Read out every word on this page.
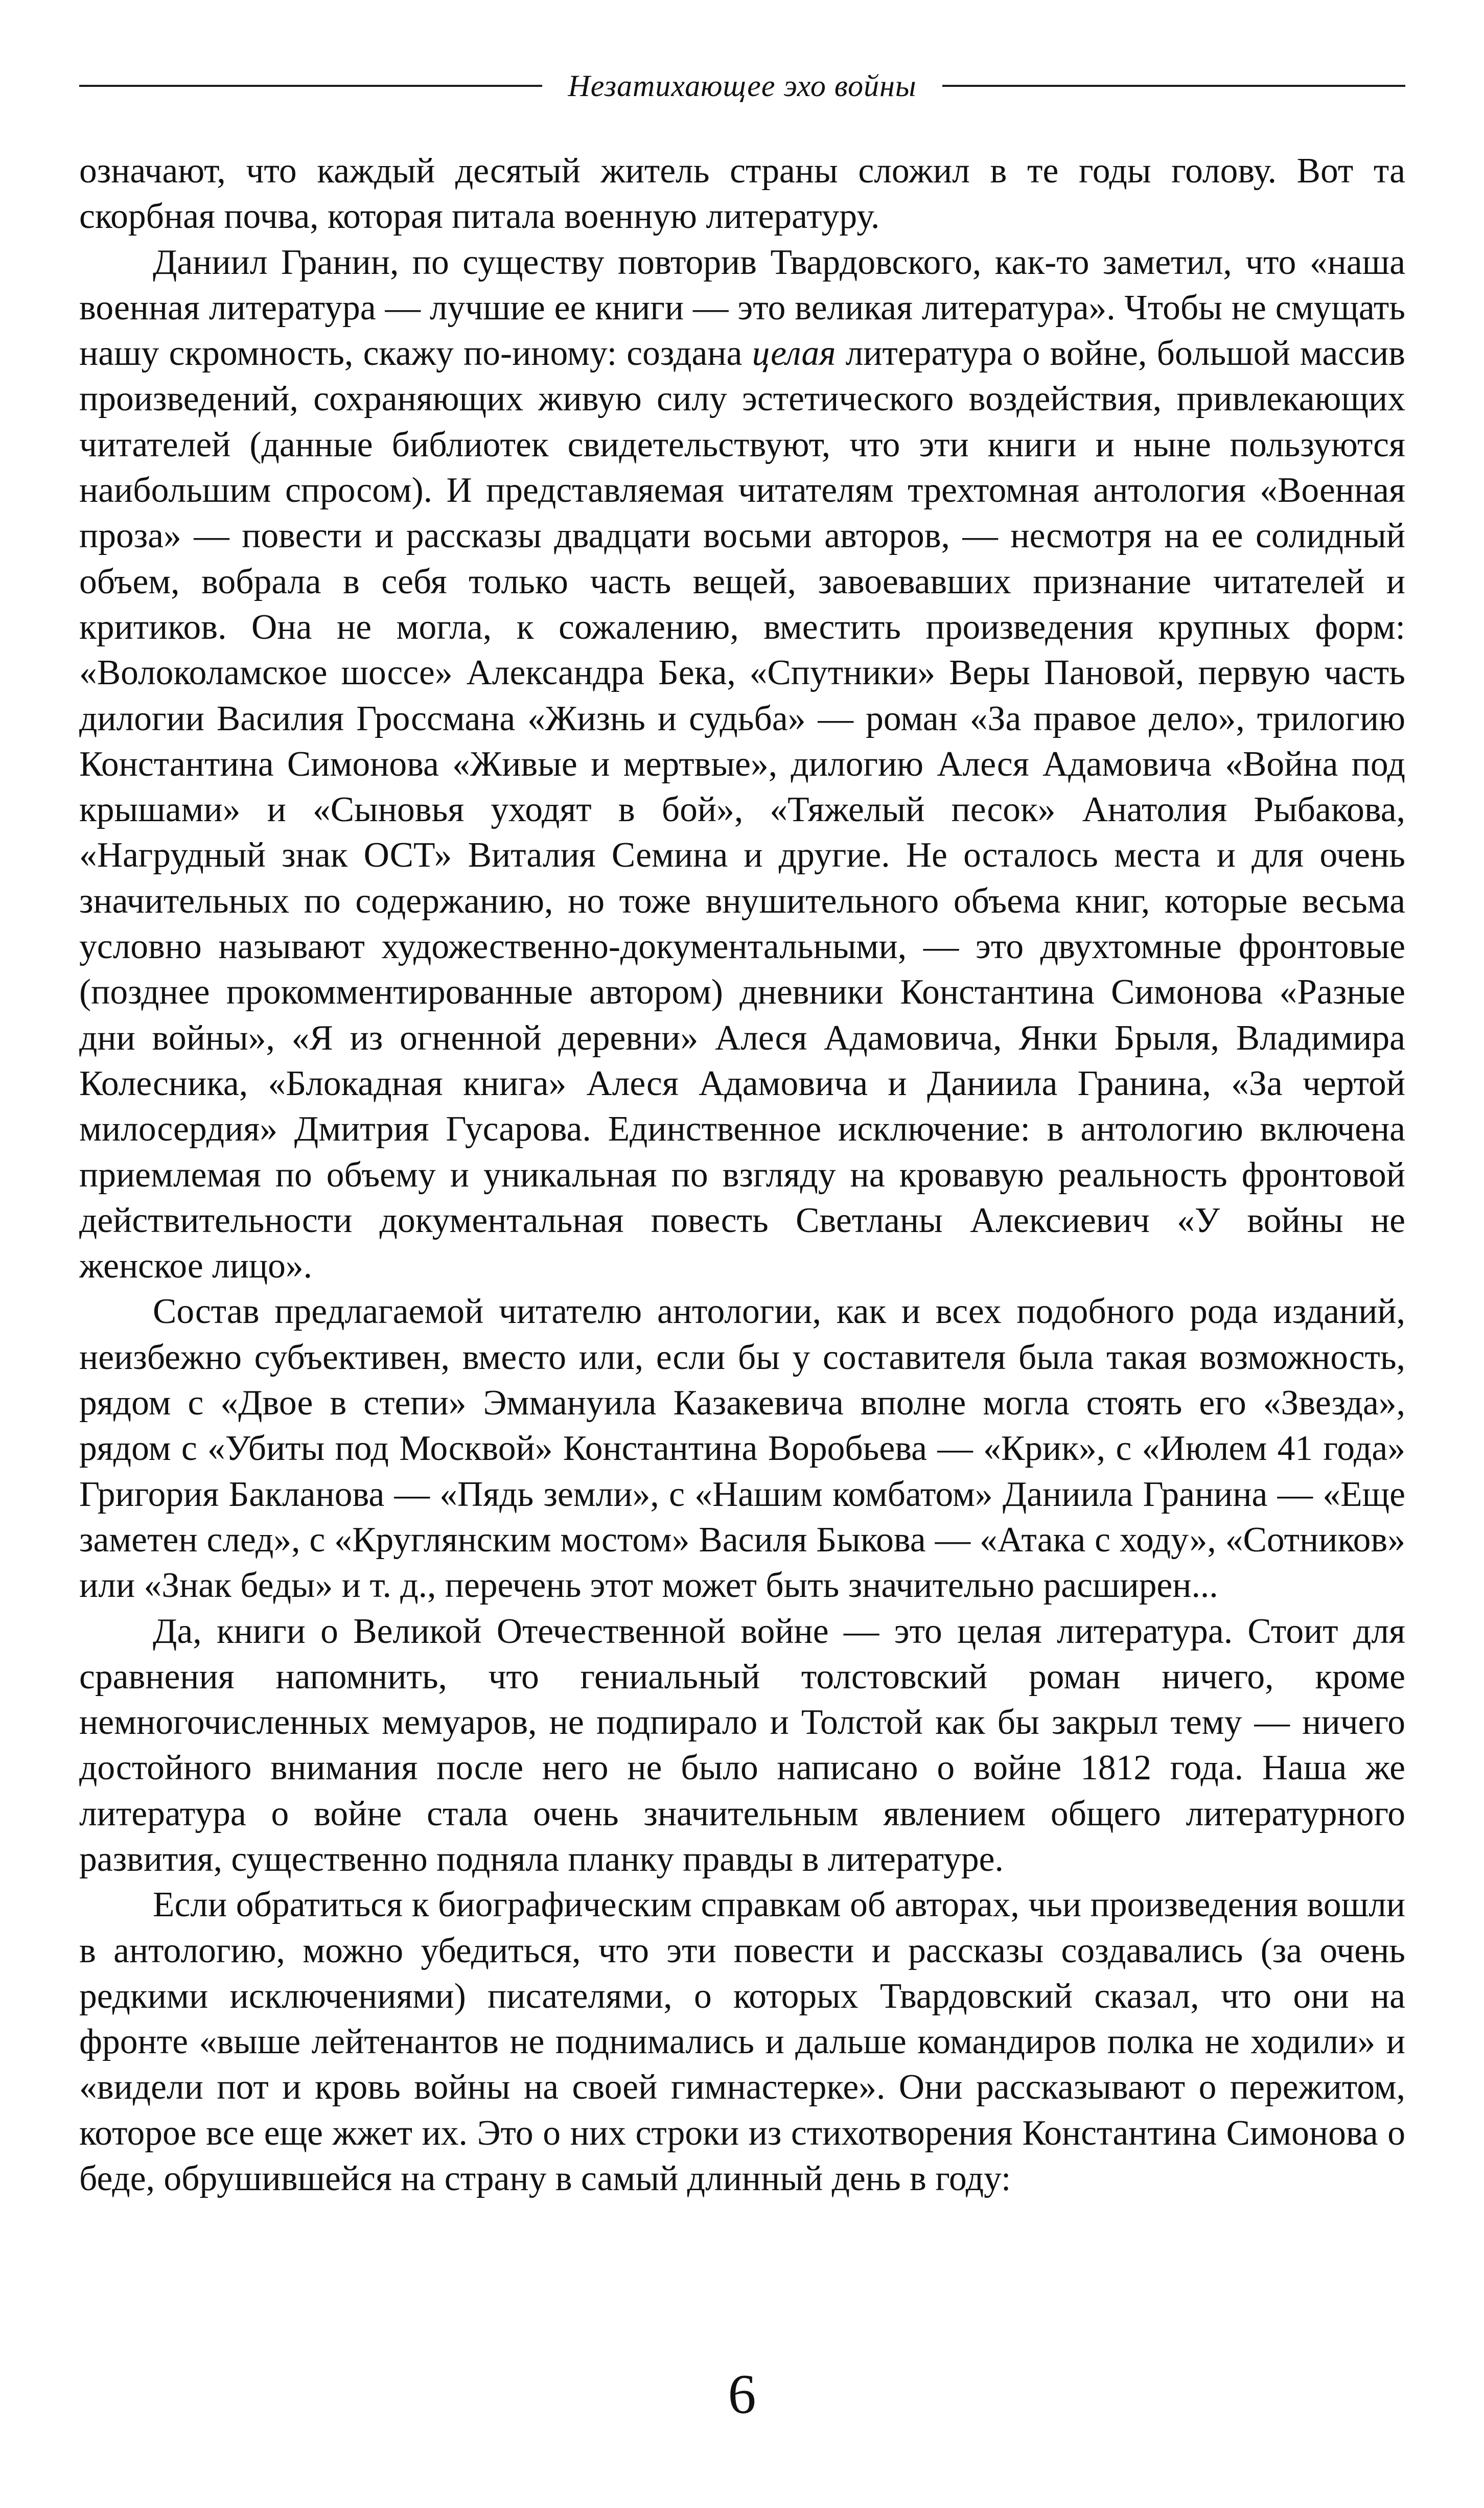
Незатихающее эхо войны

означают, что каждый десятый житель страны сложил в те годы голову. Вот та скорбная почва, которая питала военную литературу.

Даниил Гранин, по существу повторив Твардовского, как-то заметил, что «наша военная литература — лучшие ее книги — это великая литература». Чтобы не смущать нашу скромность, скажу по-иному: создана целая литература о войне, большой массив произведений, сохраняющих живую силу эстетического воздействия, привлекающих читателей (данные библиотек свидетельствуют, что эти книги и ныне пользуются наибольшим спросом). И представляемая читателям трехтомная антология «Военная проза» — повести и рассказы двадцати восьми авторов, — несмотря на ее солидный объем, вобрала в себя только часть вещей, завоевавших признание читателей и критиков. Она не могла, к сожалению, вместить произведения крупных форм: «Волоколамское шоссе» Александра Бека, «Спутники» Веры Пановой, первую часть дилогии Василия Гроссмана «Жизнь и судьба» — роман «За правое дело», трилогию Константина Симонова «Живые и мертвые», дилогию Алеся Адамовича «Война под крышами» и «Сыновья уходят в бой», «Тяжелый песок» Анатолия Рыбакова, «Нагрудный знак ОСТ» Виталия Семина и другие. Не осталось места и для очень значительных по содержанию, но тоже внушительного объема книг, которые весьма условно называют художественно-документальными, — это двухтомные фронтовые (позднее прокомментированные автором) дневники Константина Симонова «Разные дни войны», «Я из огненной деревни» Алеся Адамовича, Янки Брыля, Владимира Колесника, «Блокадная книга» Алеся Адамовича и Даниила Гранина, «За чертой милосердия» Дмитрия Гусарова. Единственное исключение: в антологию включена приемлемая по объему и уникальная по взгляду на кровавую реальность фронтовой действительности документальная повесть Светланы Алексиевич «У войны не женское лицо».

Состав предлагаемой читателю антологии, как и всех подобного рода изданий, неизбежно субъективен, вместо или, если бы у составителя была такая возможность, рядом с «Двое в степи» Эммануила Казакевича вполне могла стоять его «Звезда», рядом с «Убиты под Москвой» Константина Воробьева — «Крик», с «Июлем 41 года» Григория Бакланова — «Пядь земли», с «Нашим комбатом» Даниила Гранина — «Еще заметен след», с «Круглянским мостом» Василя Быкова — «Атака с ходу», «Сотников» или «Знак беды» и т. д., перечень этот может быть значительно расширен...

Да, книги о Великой Отечественной войне — это целая литература. Стоит для сравнения напомнить, что гениальный толстовский роман ничего, кроме немногочисленных мемуаров, не подпирало и Толстой как бы закрыл тему — ничего достойного внимания после него не было написано о войне 1812 года. Наша же литература о войне стала очень значительным явлением общего литературного развития, существенно подняла планку правды в литературе.

Если обратиться к биографическим справкам об авторах, чьи произведения вошли в антологию, можно убедиться, что эти повести и рассказы создавались (за очень редкими исключениями) писателями, о которых Твардовский сказал, что они на фронте «выше лейтенантов не поднимались и дальше командиров полка не ходили» и «видели пот и кровь войны на своей гимнастерке». Они рассказывают о пережитом, которое все еще жжет их. Это о них строки из стихотворения Константина Симонова о беде, обрушившейся на страну в самый длинный день в году:

6
